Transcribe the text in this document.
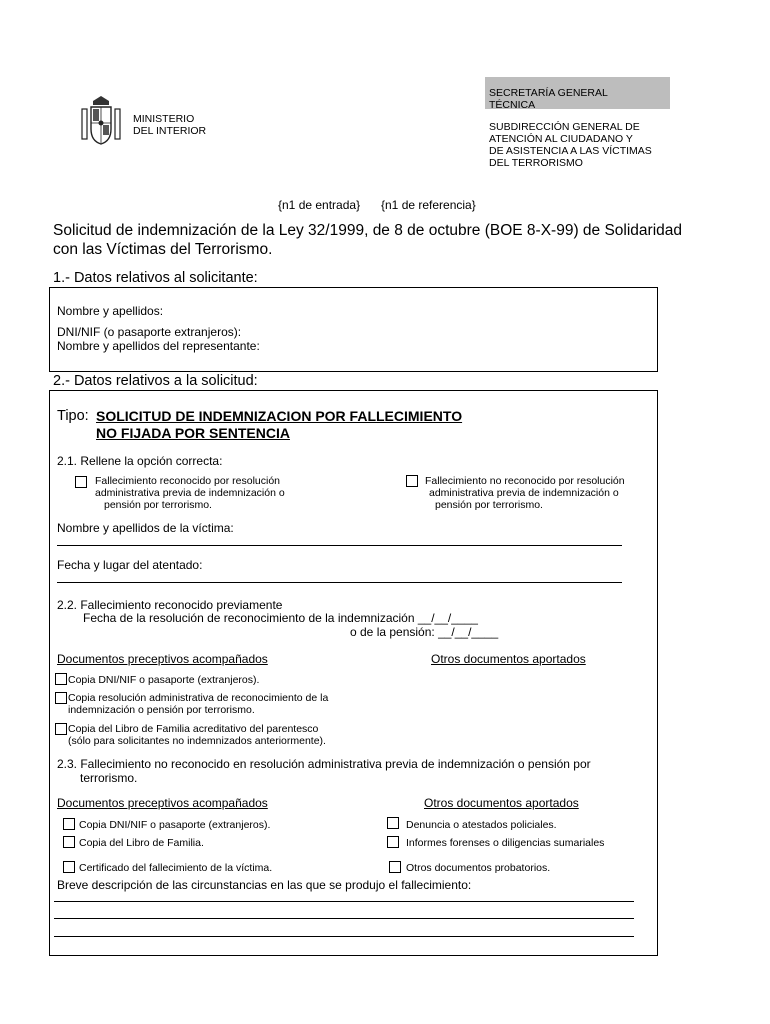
MINISTERIO
DEL INTERIOR
SECRETARÍA GENERAL
TÉCNICA
SUBDIRECCIÓN GENERAL DE
ATENCIÓN AL CIUDADANO Y
DE ASISTENCIA A LAS VÍCTIMAS
DEL TERRORISMO
{n1 de entrada} {n1 de referencia}
Solicitud de indemnización de la Ley 32/1999, de 8 de octubre (BOE 8-X-99) de Solidaridad
con las Víctimas del Terrorismo.
1.- Datos relativos al solicitante:
Nombre y apellidos:
DNI/NIF (o pasaporte extranjeros):
Nombre y apellidos del representante:
2.- Datos relativos a la solicitud:
Tipo: SOLICITUD DE INDEMNIZACION POR FALLECIMIENTO
NO FIJADA POR SENTENCIA
2.1. Rellene la opción correcta:
Fallecimiento reconocido por resolución
administrativa previa de indemnización o
pensión por terrorismo.
Fallecimiento no reconocido por resolución
administrativa previa de indemnización o
pensión por terrorismo.
Nombre y apellidos de la víctima:
Fecha y lugar del atentado:
2.2. Fallecimiento reconocido previamente
Fecha de la resolución de reconocimiento de la indemnización __/__/____
o de la pensión: __/__/____
Documentos preceptivos acompañados	Otros documentos aportados
Copia DNI/NIF o pasaporte (extranjeros).
Copia resolución administrativa de reconocimiento de la
indemnización o pensión por terrorismo.
Copia del Libro de Familia acreditativo del parentesco
(sólo para solicitantes no indemnizados anteriormente).
2.3. Fallecimiento no reconocido en resolución administrativa previa de indemnización o pensión por
terrorismo.
Documentos preceptivos acompañados	Otros documentos aportados
Copia DNI/NIF o pasaporte (extranjeros).
Copia del Libro de Familia.
Certificado del fallecimiento de la víctima.
Denuncia o atestados policiales.
Informes forenses o diligencias sumariales
Otros documentos probatorios.
Breve descripción de las circunstancias en las que se produjo el fallecimiento:
